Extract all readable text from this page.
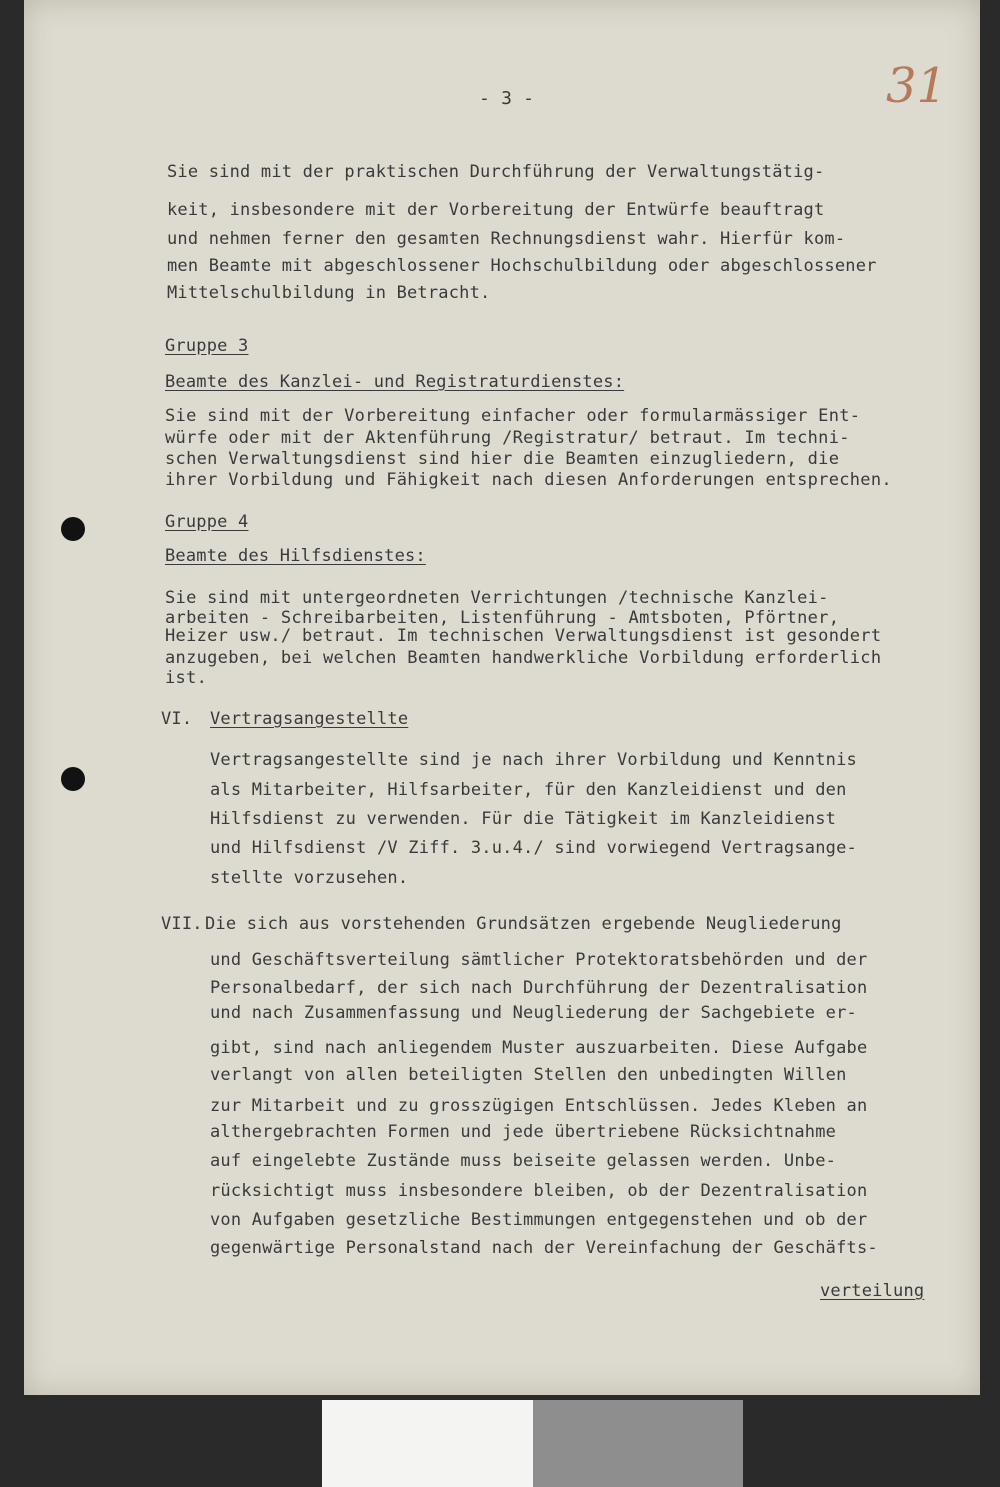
- 3 -	31
Sie sind mit der praktischen Durchführung der Verwaltungstätig-
keit, insbesondere mit der Vorbereitung der Entwürfe beauftragt
und nehmen ferner den gesamten Rechnungsdienst wahr. Hierfür kom-
men Beamte mit abgeschlossener Hochschulbildung oder abgeschlossener
Mittelschulbildung in Betracht.
Gruppe 3
Beamte des Kanzlei- und Registraturdienstes:
Sie sind mit der Vorbereitung einfacher oder formularmässiger Ent-
würfe oder mit der Aktenführung /Registratur/ betraut. Im techni-
schen Verwaltungsdienst sind hier die Beamten einzugliedern, die
ihrer Vorbildung und Fähigkeit nach diesen Anforderungen entsprechen.
Gruppe 4
Beamte des Hilfsdienstes:
Sie sind mit untergeordneten Verrichtungen /technische Kanzlei-
arbeiten - Schreibarbeiten, Listenführung - Amtsboten, Pförtner,
Heizer usw./ betraut. Im technischen Verwaltungsdienst ist gesondert
anzugeben, bei welchen Beamten handwerkliche Vorbildung erforderlich
ist.
VI. Vertragsangestellte
Vertragsangestellte sind je nach ihrer Vorbildung und Kenntnis
als Mitarbeiter, Hilfsarbeiter, für den Kanzleidienst und den
Hilfsdienst zu verwenden. Für die Tätigkeit im Kanzleidienst
und Hilfsdienst /V Ziff. 3.u.4./ sind vorwiegend Vertragsange-
stellte vorzusehen.
VII. Die sich aus vorstehenden Grundsätzen ergebende Neugliederung
und Geschäftsverteilung sämtlicher Protektoratsbehörden und der
Personalbedarf, der sich nach Durchführung der Dezentralisation
und nach Zusammenfassung und Neugliederung der Sachgebiete er-
gibt, sind nach anliegendem Muster auszuarbeiten. Diese Aufgabe
verlangt von allen beteiligten Stellen den unbedingten Willen
zur Mitarbeit und zu grosszügigen Entschlüssen. Jedes Kleben an
althergebrachten Formen und jede übertriebene Rücksichtnahme
auf eingelebte Zustände muss beiseite gelassen werden. Unbe-
rücksichtigt muss insbesondere bleiben, ob der Dezentralisation
von Aufgaben gesetzliche Bestimmungen entgegenstehen und ob der
gegenwärtige Personalstand nach der Vereinfachung der Geschäfts-
verteilung
